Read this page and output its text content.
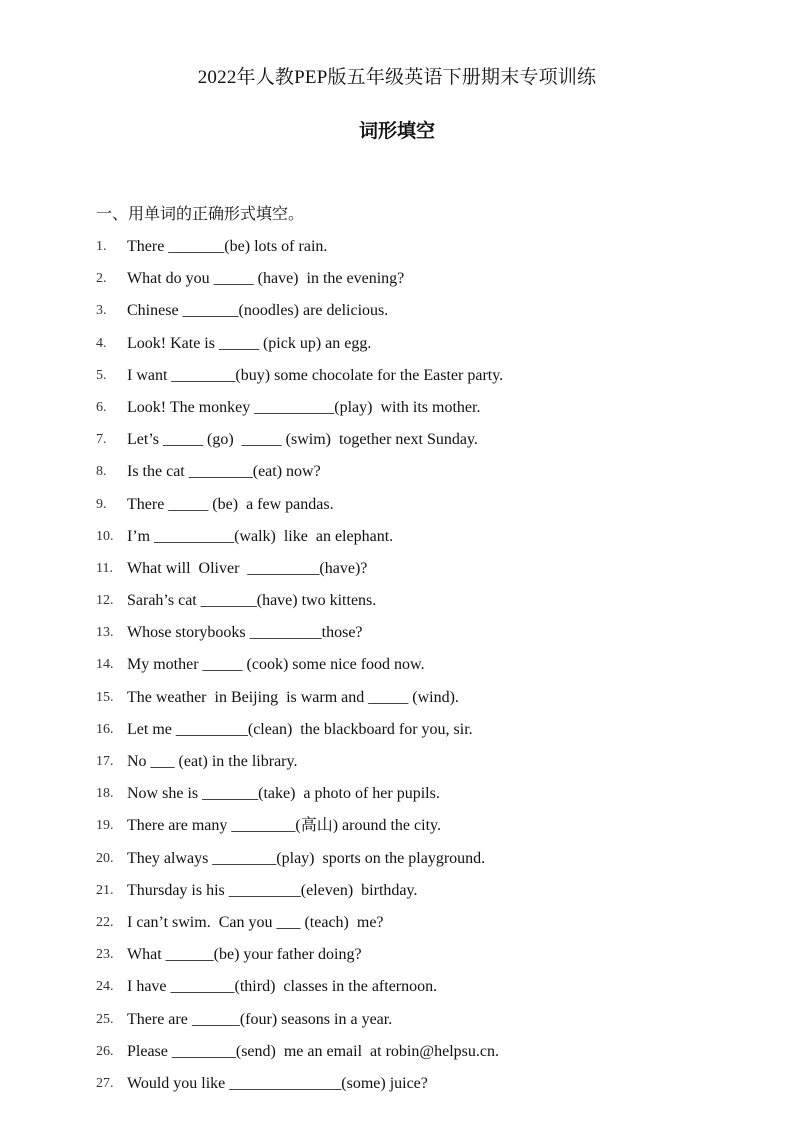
2022年人教PEP版五年级英语下册期末专项训练
词形填空
一、用单词的正确形式填空。
1.	There _______(be) lots of rain.
2.	What do you _____ (have)  in the evening?
3.	Chinese _______(noodles) are delicious.
4.	Look! Kate is _____ (pick up) an egg.
5.	I want ________(buy) some chocolate for the Easter party.
6.	Look! The monkey __________(play)  with its mother.
7.	Let’s _____ (go)  _____ (swim)  together next Sunday.
8.	Is the cat ________(eat) now?
9.	There _____ (be)  a few pandas.
10. I’m __________(walk)  like  an elephant.
11. What will  Oliver  _________(have)?
12. Sarah’s cat _______(have) two kittens.
13. Whose storybooks _________those?
14. My mother _____ (cook) some nice food now.
15. The weather  in Beijing  is warm and _____ (wind).
16. Let me _________(clean)  the blackboard for you, sir.
17. No ___ (eat) in the library.
18. Now she is _______(take)  a photo of her pupils.
19. There are many ________(高山) around the city.
20. They always ________(play)  sports on the playground.
21. Thursday is his _________(eleven)  birthday.
22. I can’t swim.  Can you ___ (teach)  me?
23. What ______(be) your father doing?
24. I have ________(third)  classes in the afternoon.
25. There are ______(four) seasons in a year.
26. Please ________(send)  me an email  at robin@helpsu.cn.
27. Would you like ______________(some) juice?
